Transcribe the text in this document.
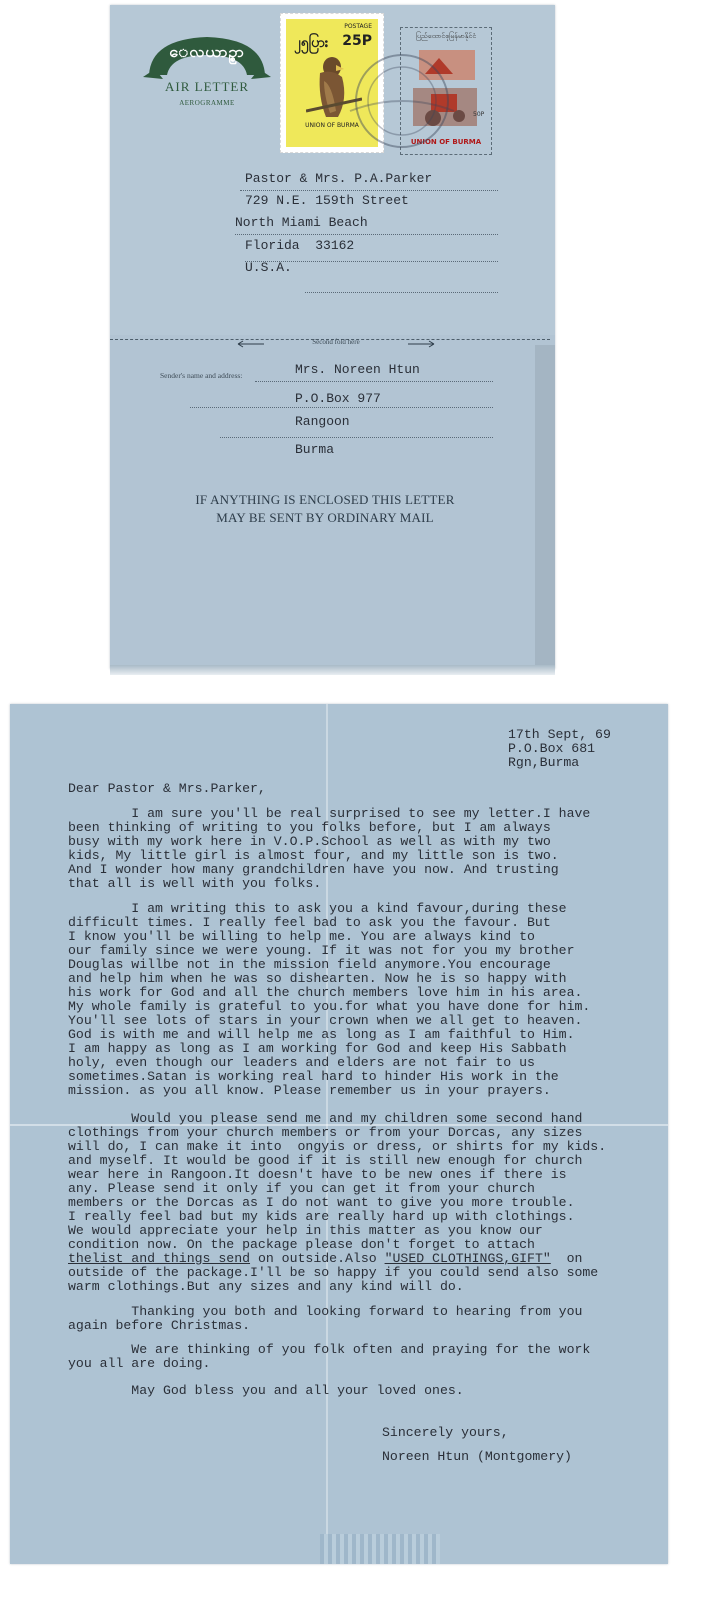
ေလယာဥ္စာ
AIR LETTER
AEROGRAMME
၂၅ပြား
POSTAGE
25P
UNION OF BURMA
ပြည်ထောင်စုမြန်မာနိုင်ငံ
50P
UNION OF BURMA
Pastor & Mrs. P.A.Parker
729 N.E. 159th Street
North Miami Beach
Florida  33162
U.S.A.
Second fold here
Sender's name and address:	Mrs. Noreen Htun
P.O.Box 977
Rangoon
Burma
IF ANYTHING IS ENCLOSED THIS LETTER
MAY BE SENT BY ORDINARY MAIL
17th Sept, 69
P.O.Box 681
Rgn,Burma
Dear Pastor & Mrs.Parker,
I am sure you'll be real surprised to see my letter.I have
been thinking of writing to you folks before, but I am always
busy with my work here in V.O.P.School as well as with my two
kids, My little girl is almost four, and my little son is two.
And I wonder how many grandchildren have you now. And trusting
that all is well with you folks.
I am writing this to ask you a kind favour,during these
difficult times. I really feel bad to ask you the favour. But
I know you'll be willing to help me. You are always kind to
our family since we were young. If it was not for you my brother
Douglas willbe not in the mission field anymore.You encourage
and help him when he was so dishearten. Now he is so happy with
his work for God and all the church members love him in his area.
My whole family is grateful to you.for what you have done for him.
You'll see lots of stars in your crown when we all get to heaven.
God is with me and will help me as long as I am faithful to Him.
I am happy as long as I am working for God and keep His Sabbath
holy, even though our leaders and elders are not fair to us
sometimes.Satan is working real hard to hinder His work in the
mission. as you all know. Please remember us in your prayers.
Would you please send me and my children some second hand
clothings from your church members or from your Dorcas, any sizes
will do, I can make it into  ongyis or dress, or shirts for my kids.
and myself. It would be good if it is still new enough for church
wear here in Rangoon.It doesn't have to be new ones if there is
any. Please send it only if you can get it from your church
members or the Dorcas as I do not want to give you more trouble.
I really feel bad but my kids are really hard up with clothings.
We would appreciate your help in this matter as you know our
condition now. On the package please don't forget to attach
thelist and things send on outside.Also "USED CLOTHINGS,GIFT"  on
outside of the package.I'll be so happy if you could send also some
warm clothings.But any sizes and any kind will do.
Thanking you both and looking forward to hearing from you
again before Christmas.
We are thinking of you folk often and praying for the work
you all are doing.
May God bless you and all your loved ones.
Sincerely yours,
Noreen Htun (Montgomery)
